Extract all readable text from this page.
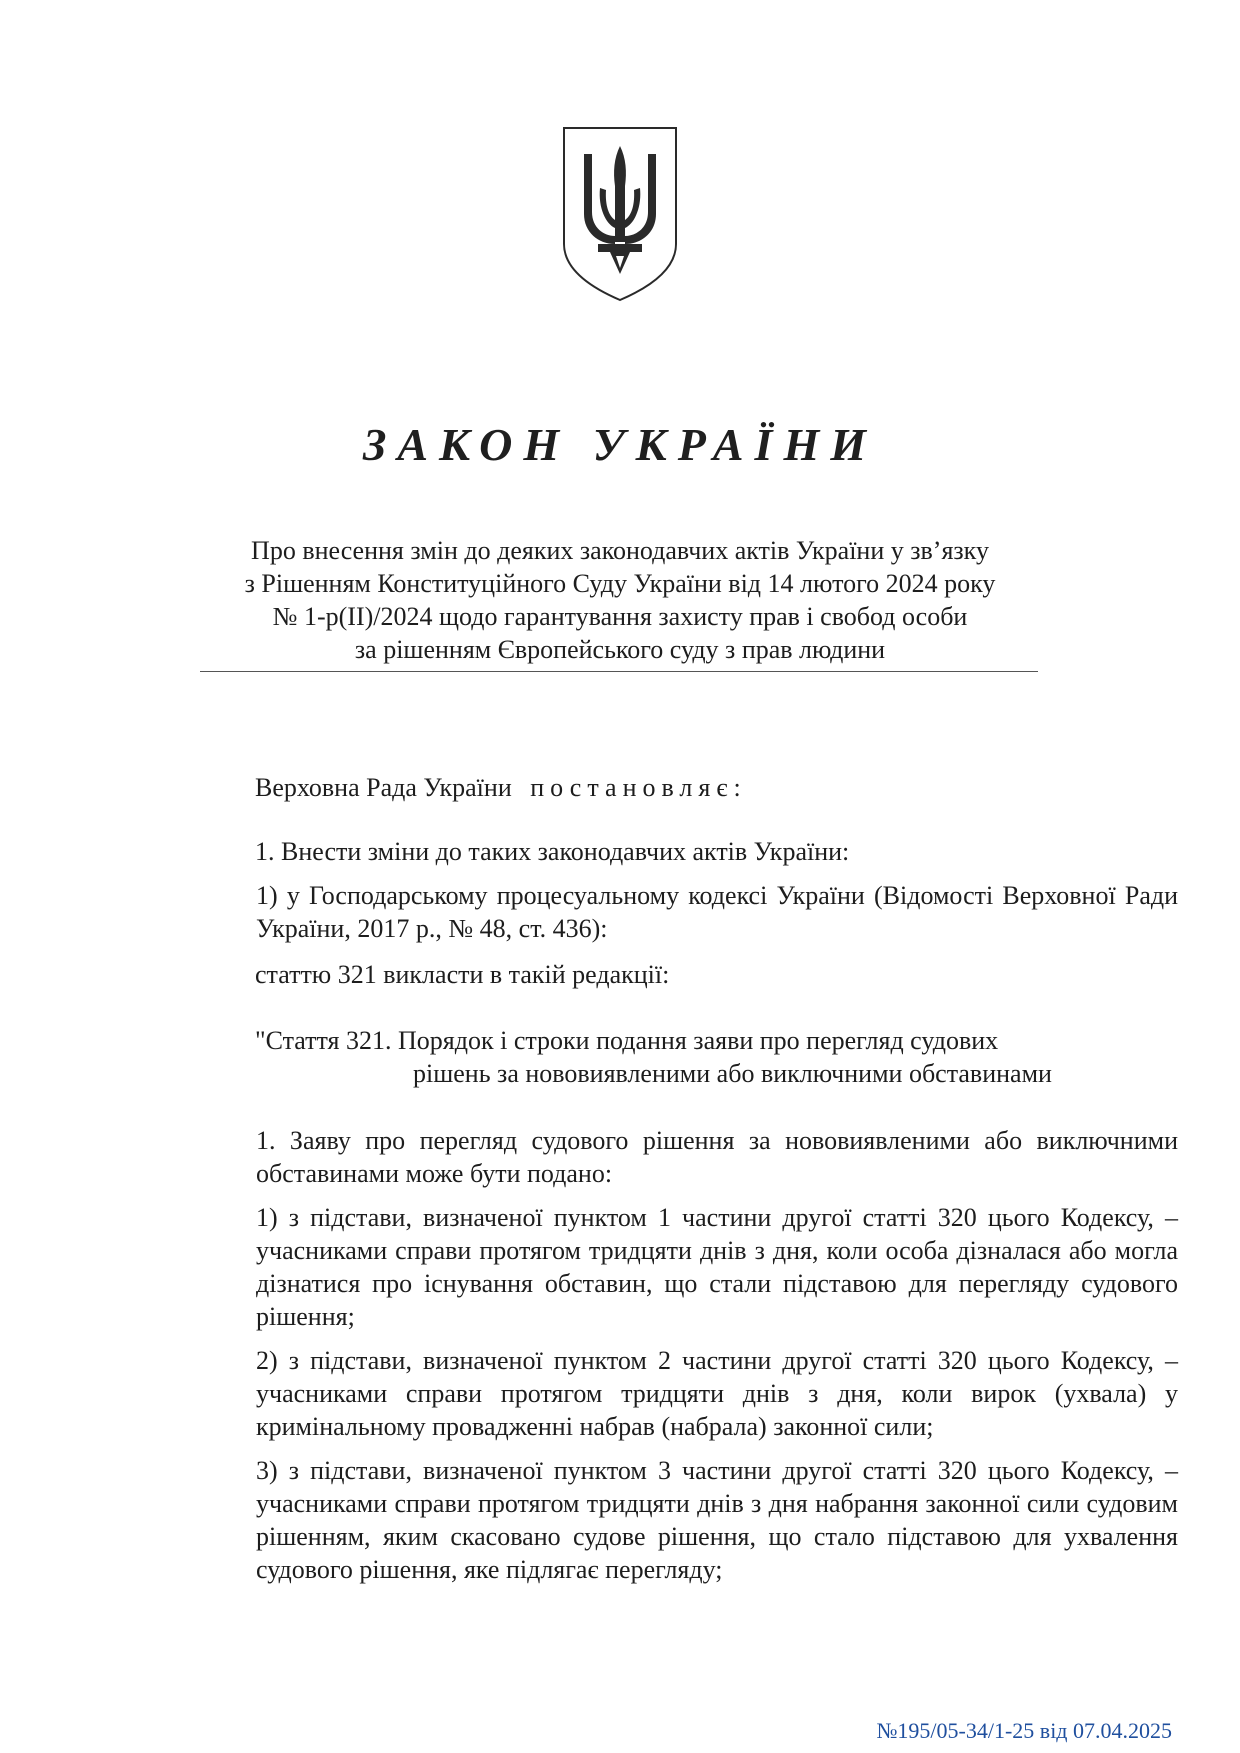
ЗАКОН УКРАЇНИ
Про внесення змін до деяких законодавчих актів України у зв’язку
з Рішенням Конституційного Суду України від 14 лютого 2024 року
№ 1-р(II)/2024 щодо гарантування захисту прав і свобод особи
за рішенням Європейського суду з прав людини
Верховна Рада України постановляє:
1. Внести зміни до таких законодавчих актів України:
1) у Господарському процесуальному кодексі України (Відомості Верховної Ради України, 2017 р., № 48, ст. 436):
статтю 321 викласти в такій редакції:
"Стаття 321. Порядок і строки подання заяви про перегляд судових
рішень за нововиявленими або виключними обставинами
1. Заяву про перегляд судового рішення за нововиявленими або виключними обставинами може бути подано:
1) з підстави, визначеної пунктом 1 частини другої статті 320 цього Кодексу, – учасниками справи протягом тридцяти днів з дня, коли особа дізналася або могла дізнатися про існування обставин, що стали підставою для перегляду судового рішення;
2) з підстави, визначеної пунктом 2 частини другої статті 320 цього Кодексу, – учасниками справи протягом тридцяти днів з дня, коли вирок (ухвала) у кримінальному провадженні набрав (набрала) законної сили;
3) з підстави, визначеної пунктом 3 частини другої статті 320 цього Кодексу, – учасниками справи протягом тридцяти днів з дня набрання законної сили судовим рішенням, яким скасовано судове рішення, що стало підставою для ухвалення судового рішення, яке підлягає перегляду;
№195/05-34/1-25 від 07.04.2025
